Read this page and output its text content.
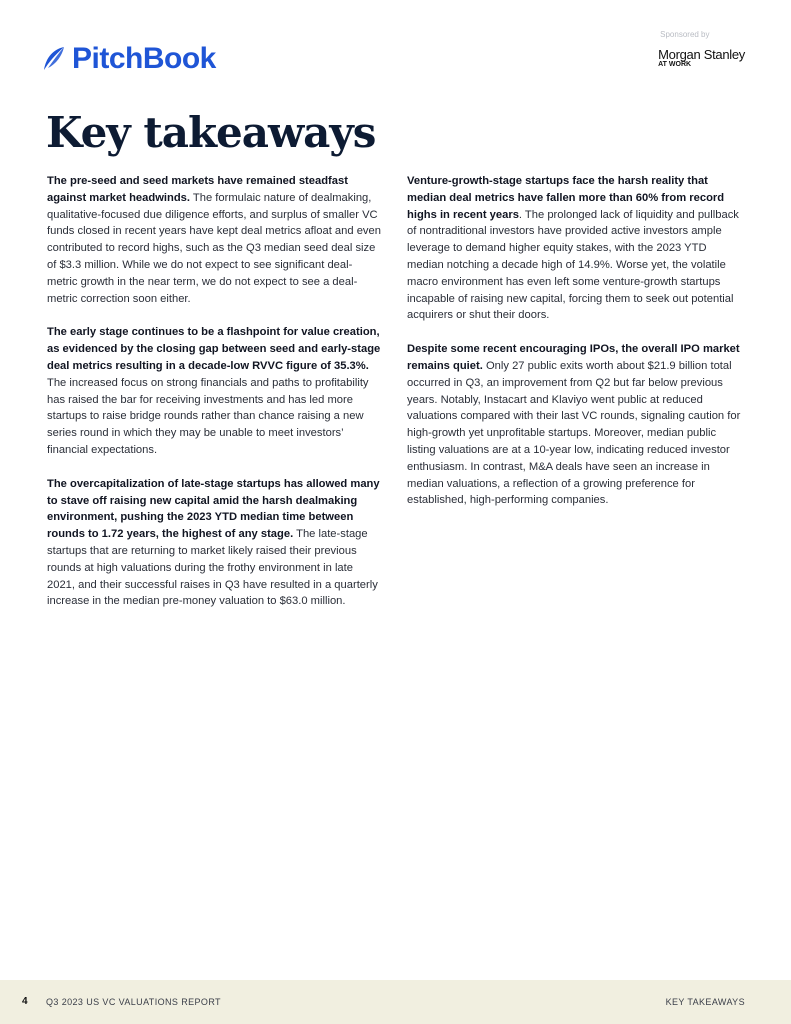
PitchBook
Sponsored by
Morgan Stanley
AT WORK
Key takeaways

The pre-seed and seed markets have remained steadfast against market headwinds. The formulaic nature of dealmaking, qualitative-focused due diligence efforts, and surplus of smaller VC funds closed in recent years have kept deal metrics afloat and even contributed to record highs, such as the Q3 median seed deal size of $3.3 million. While we do not expect to see significant deal-metric growth in the near term, we do not expect to see a deal-metric correction soon either.

The early stage continues to be a flashpoint for value creation, as evidenced by the closing gap between seed and early-stage deal metrics resulting in a decade-low RVVC figure of 35.3%. The increased focus on strong financials and paths to profitability has raised the bar for receiving investments and has led more startups to raise bridge rounds rather than chance raising a new series round in which they may be unable to meet investors’ financial expectations.

The overcapitalization of late-stage startups has allowed many to stave off raising new capital amid the harsh dealmaking environment, pushing the 2023 YTD median time between rounds to 1.72 years, the highest of any stage. The late-stage startups that are returning to market likely raised their previous rounds at high valuations during the frothy environment in late 2021, and their successful raises in Q3 have resulted in a quarterly increase in the median pre-money valuation to $63.0 million.

Venture-growth-stage startups face the harsh reality that median deal metrics have fallen more than 60% from record highs in recent years. The prolonged lack of liquidity and pullback of nontraditional investors have provided active investors ample leverage to demand higher equity stakes, with the 2023 YTD median notching a decade high of 14.9%. Worse yet, the volatile macro environment has even left some venture-growth startups incapable of raising new capital, forcing them to seek out potential acquirers or shut their doors.

Despite some recent encouraging IPOs, the overall IPO market remains quiet. Only 27 public exits worth about $21.9 billion total occurred in Q3, an improvement from Q2 but far below previous years. Notably, Instacart and Klaviyo went public at reduced valuations compared with their last VC rounds, signaling caution for high-growth yet unprofitable startups. Moreover, median public listing valuations are at a 10-year low, indicating reduced investor enthusiasm. In contrast, M&A deals have seen an increase in median valuations, a reflection of a growing preference for established, high-performing companies.

4 Q3 2023 US VC VALUATIONS REPORT	KEY TAKEAWAYS
